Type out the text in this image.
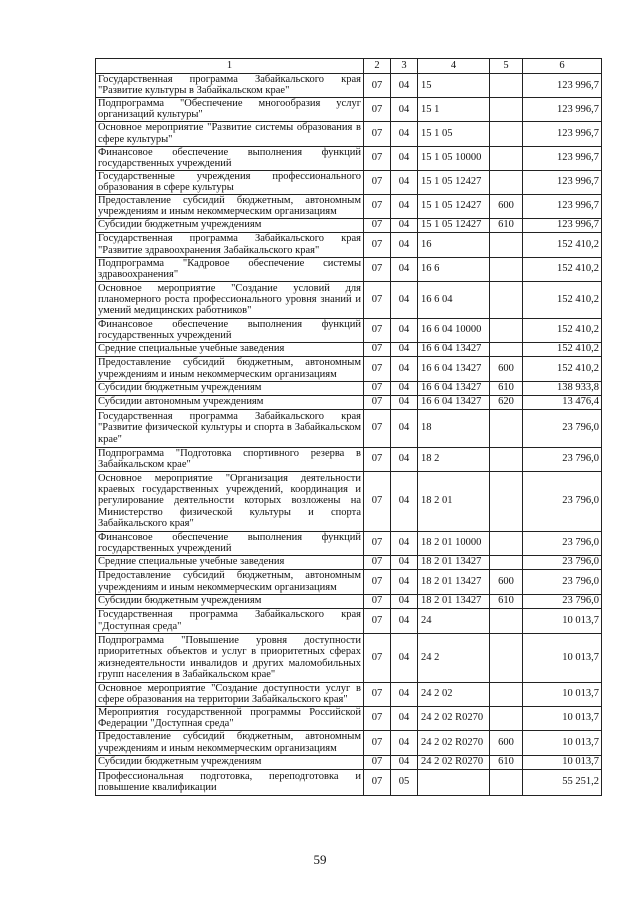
1	2	3	4	5	6
Государственная программа Забайкальского края "Развитие культуры в Забайкальском крае"	07	04	15		123 996,7
Подпрограмма "Обеспечение многообразия услуг организаций культуры"	07	04	15 1		123 996,7
Основное мероприятие "Развитие системы образования в сфере культуры"	07	04	15 1 05		123 996,7
Финансовое обеспечение выполнения функций государственных учреждений	07	04	15 1 05 10000		123 996,7
Государственные учреждения профессионального образования в сфере культуры	07	04	15 1 05 12427		123 996,7
Предоставление субсидий бюджетным, автономным учреждениям и иным некоммерческим организациям	07	04	15 1 05 12427	600	123 996,7
Субсидии бюджетным учреждениям	07	04	15 1 05 12427	610	123 996,7
Государственная программа Забайкальского края "Развитие здравоохранения Забайкальского края"	07	04	16		152 410,2
Подпрограмма "Кадровое обеспечение системы здравоохранения"	07	04	16 6		152 410,2
Основное мероприятие "Создание условий для планомерного роста профессионального уровня знаний и умений медицинских работников"	07	04	16 6 04		152 410,2
Финансовое обеспечение выполнения функций государственных учреждений	07	04	16 6 04 10000		152 410,2
Средние специальные учебные заведения	07	04	16 6 04 13427		152 410,2
Предоставление субсидий бюджетным, автономным учреждениям и иным некоммерческим организациям	07	04	16 6 04 13427	600	152 410,2
Субсидии бюджетным учреждениям	07	04	16 6 04 13427	610	138 933,8
Субсидии автономным учреждениям	07	04	16 6 04 13427	620	13 476,4
Государственная программа Забайкальского края "Развитие физической культуры и спорта в Забайкальском крае"	07	04	18		23 796,0
Подпрограмма "Подготовка спортивного резерва в Забайкальском крае"	07	04	18 2		23 796,0
Основное мероприятие "Организация деятельности краевых государственных учреждений, координация и регулирование деятельности которых возложены на Министерство физической культуры и спорта Забайкальского края"	07	04	18 2 01		23 796,0
Финансовое обеспечение выполнения функций государственных учреждений	07	04	18 2 01 10000		23 796,0
Средние специальные учебные заведения	07	04	18 2 01 13427		23 796,0
Предоставление субсидий бюджетным, автономным учреждениям и иным некоммерческим организациям	07	04	18 2 01 13427	600	23 796,0
Субсидии бюджетным учреждениям	07	04	18 2 01 13427	610	23 796,0
Государственная программа Забайкальского края "Доступная среда"	07	04	24		10 013,7
Подпрограмма "Повышение уровня доступности приоритетных объектов и услуг в приоритетных сферах жизнедеятельности инвалидов и других маломобильных групп населения в Забайкальском крае"	07	04	24 2		10 013,7
Основное мероприятие "Создание доступности услуг в сфере образования на территории Забайкальского края"	07	04	24 2 02		10 013,7
Мероприятия государственной программы Российской Федерации "Доступная среда"	07	04	24 2 02 R0270		10 013,7
Предоставление субсидий бюджетным, автономным учреждениям и иным некоммерческим организациям	07	04	24 2 02 R0270	600	10 013,7
Субсидии бюджетным учреждениям	07	04	24 2 02 R0270	610	10 013,7
Профессиональная подготовка, переподготовка и повышение квалификации	07	05			55 251,2
59
